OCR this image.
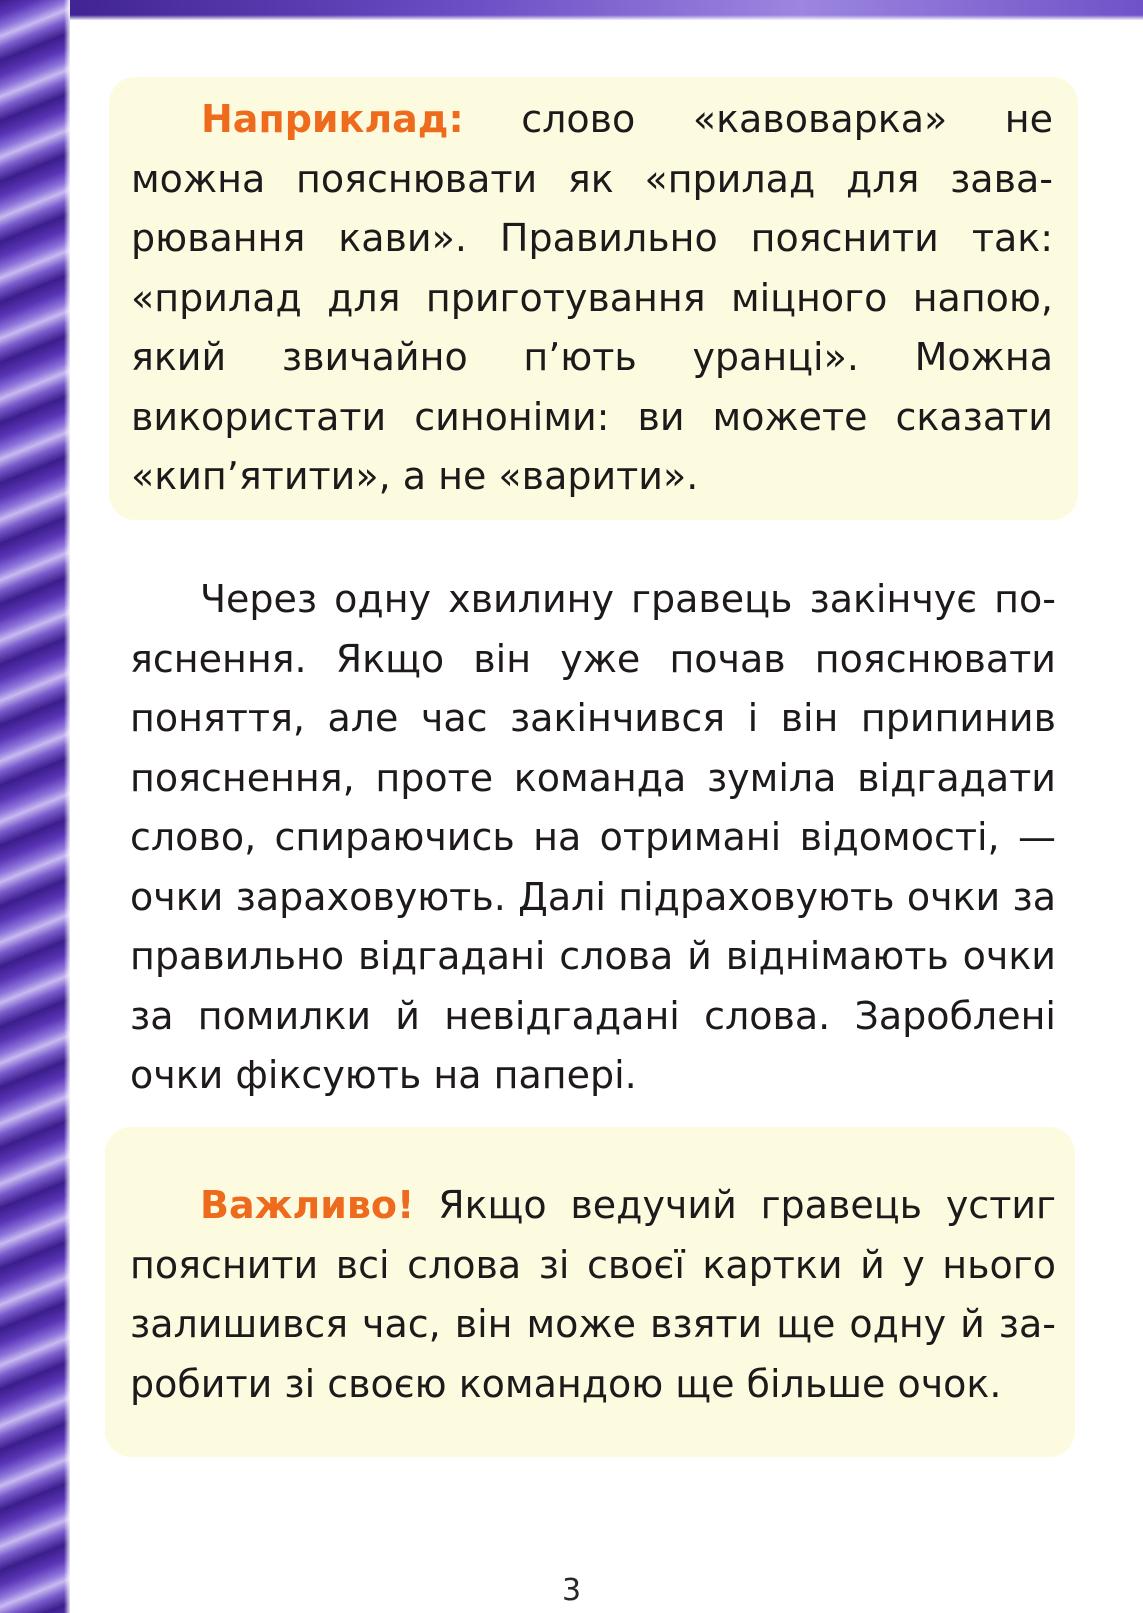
Наприклад: слово «кавоварка» не можна пояснювати як «прилад для заварювання кави». Правильно пояснити так: «прилад для приготування міцного напою, який звичайно п’ють уранці». Можна використати синоніми: ви можете сказати «кип’ятити», а не «варити».

Через одну хвилину гравець закінчує пояснення. Якщо він уже почав пояснювати поняття, але час закінчився і він припинив пояснення, проте команда зуміла відгадати слово, спираючись на отримані відомості, — очки зараховують. Далі підраховують очки за правильно відгадані слова й віднімають очки за помилки й невідгадані слова. Зароблені очки фіксують на папері.

Важливо! Якщо ведучий гравець устиг пояснити всі слова зі своєї картки й у нього залишився час, він може взяти ще одну й заробити зі своєю командою ще більше очок.

3
